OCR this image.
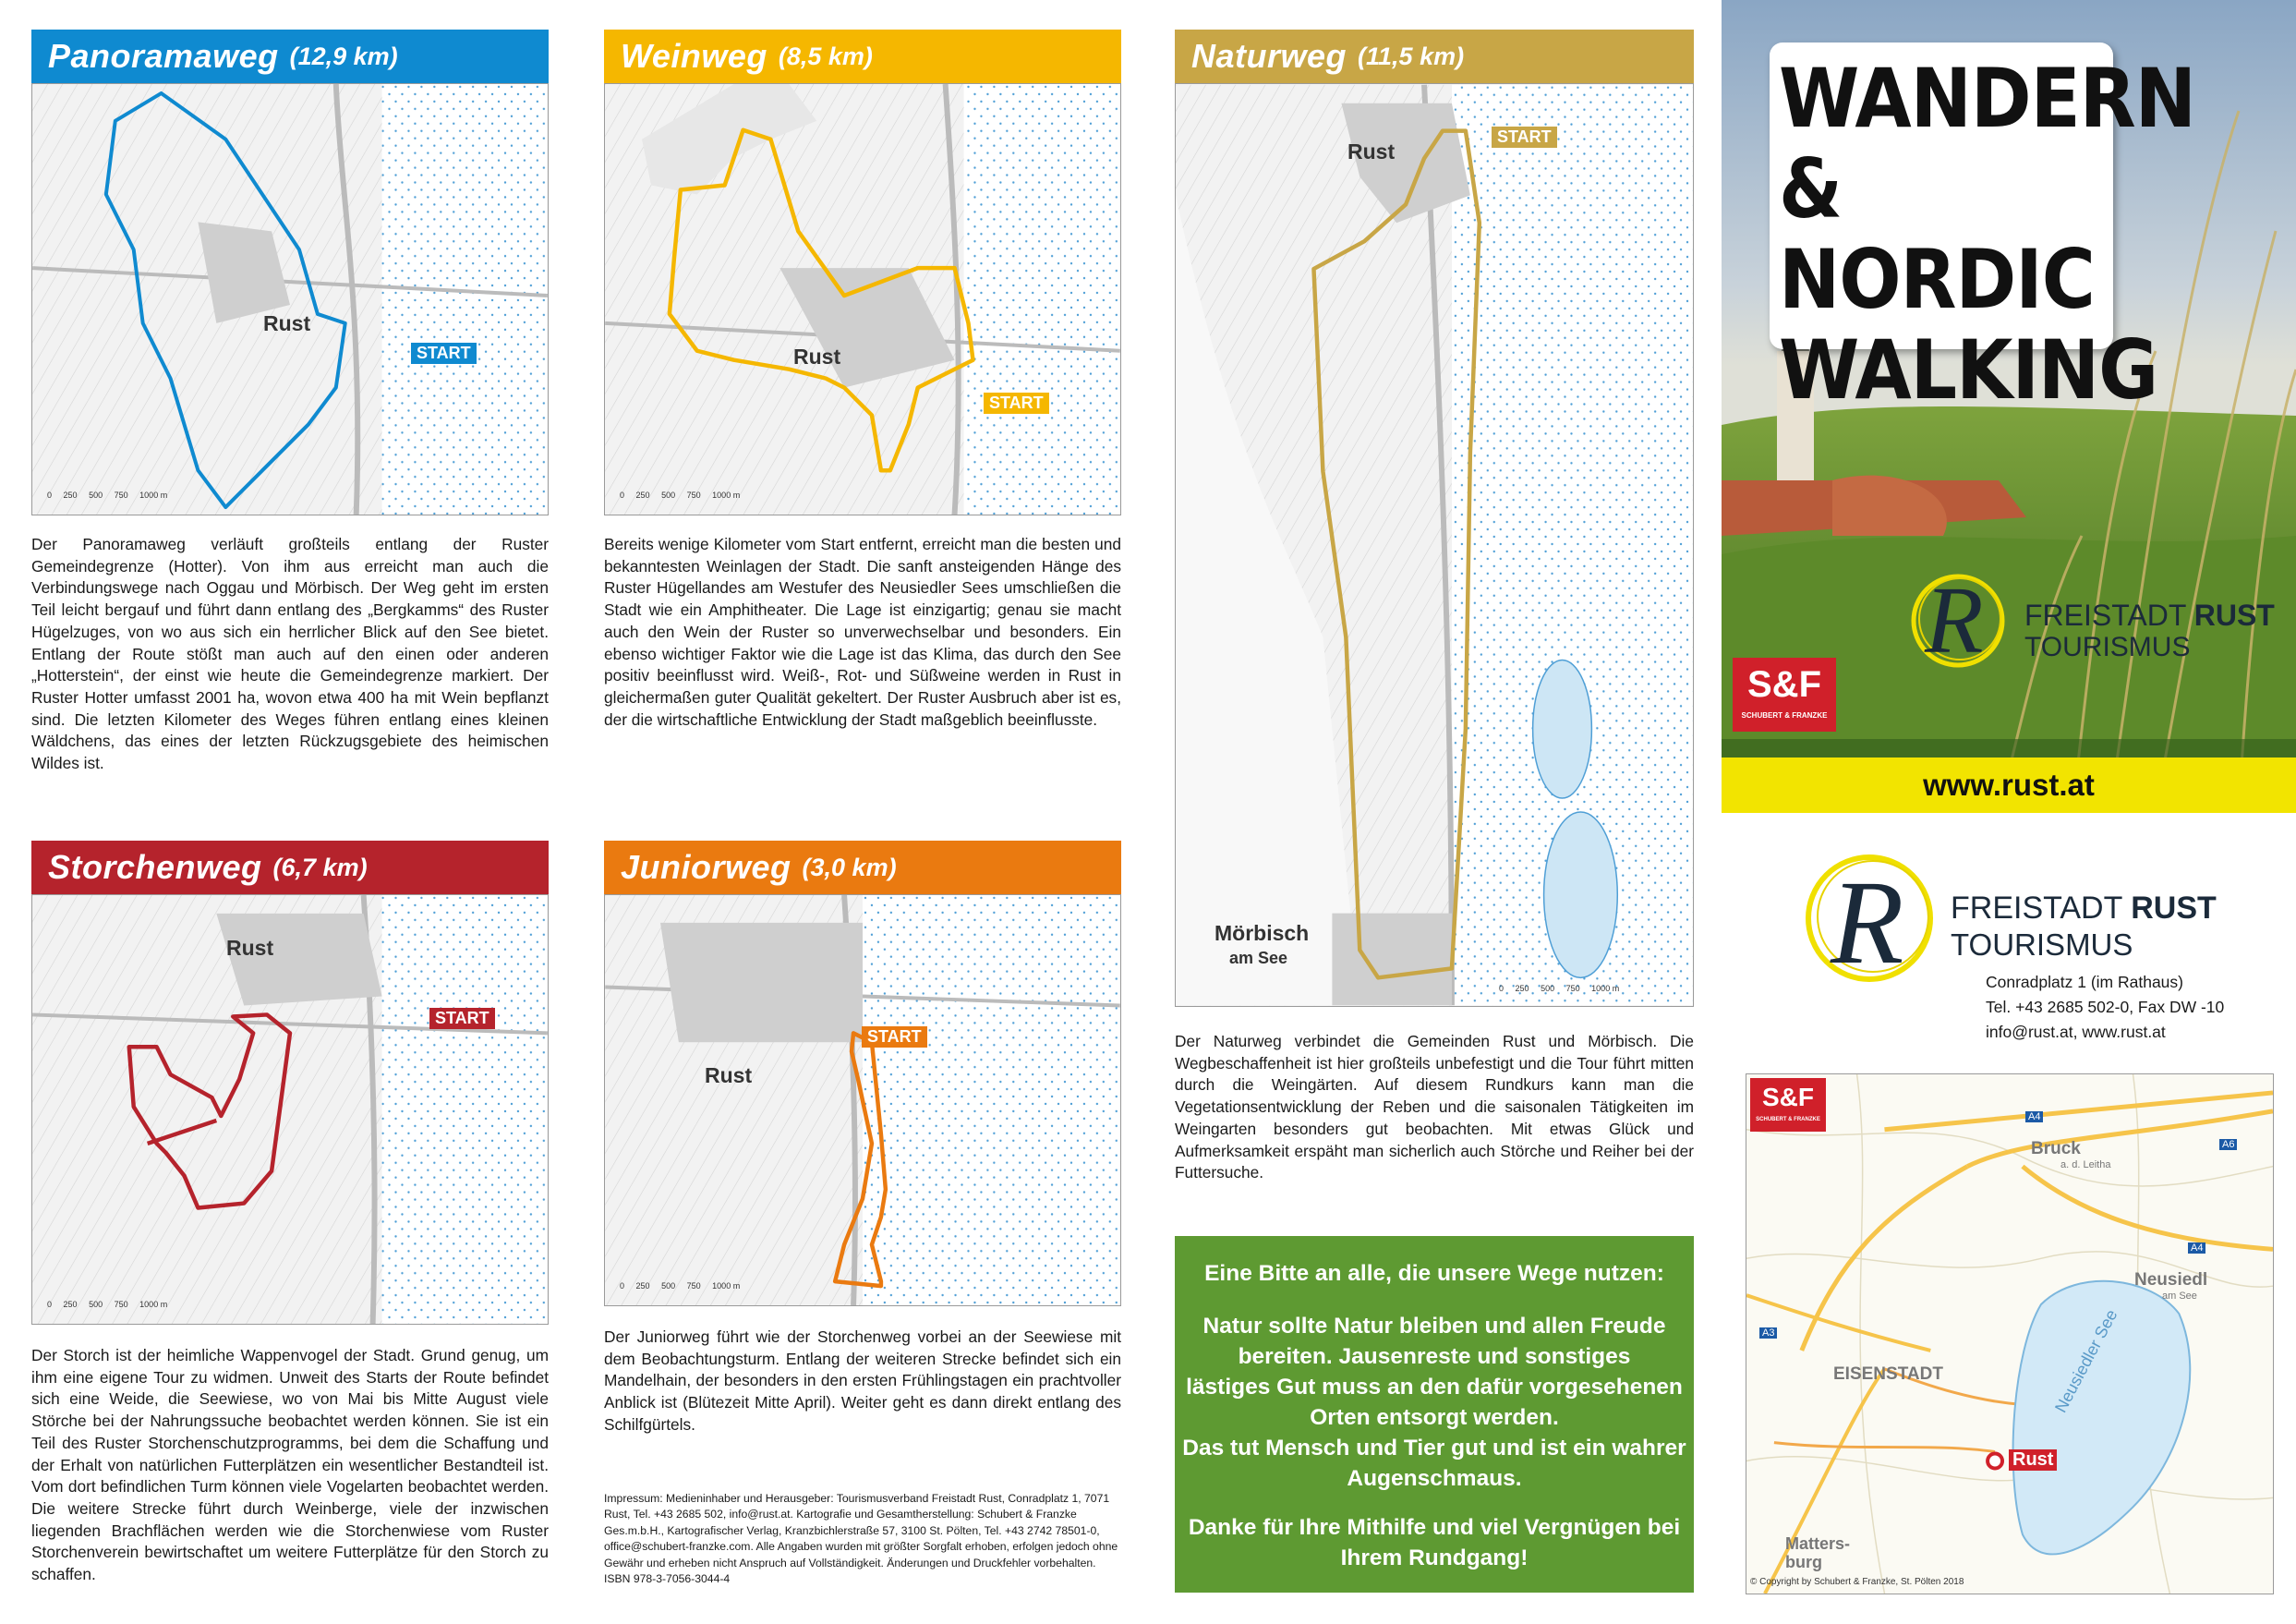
Panoramaweg (12,9 km)
Rust
START
0 250 500 750 1000 m
Der Panoramaweg verläuft großteils entlang der Ruster Gemeindegrenze (Hotter). Von ihm aus erreicht man auch die Verbindungswege nach Oggau und Mörbisch. Der Weg geht im ersten Teil leicht bergauf und führt dann entlang des „Bergkamms“ des Ruster Hügelzuges, von wo aus sich ein herrlicher Blick auf den See bietet. Entlang der Route stößt man auch auf den einen oder anderen „Hotterstein“, der einst wie heute die Gemeindegrenze markiert. Der Ruster Hotter umfasst 2001 ha, wovon etwa 400 ha mit Wein bepflanzt sind. Die letzten Kilometer des Weges führen entlang eines kleinen Wäldchens, das eines der letzten Rückzugsgebiete des heimischen Wildes ist.
Weinweg (8,5 km)
Rust
START
0 250 500 750 1000 m
Bereits wenige Kilometer vom Start entfernt, erreicht man die besten und bekanntesten Weinlagen der Stadt. Die sanft ansteigenden Hänge des Ruster Hügellandes am Westufer des Neusiedler Sees umschließen die Stadt wie ein Amphitheater. Die Lage ist einzigartig; genau sie macht auch den Wein der Ruster so unverwechselbar und besonders. Ein ebenso wichtiger Faktor wie die Lage ist das Klima, das durch den See positiv beeinflusst wird. Weiß-, Rot- und Süßweine werden in Rust in gleichermaßen guter Qualität gekeltert. Der Ruster Ausbruch aber ist es, der die wirtschaftliche Entwicklung der Stadt maßgeblich beeinflusste.
Naturweg (11,5 km)
Rust
START
Mörbisch
am See
0 250 500 750 1000 m
Der Naturweg verbindet die Gemeinden Rust und Mörbisch. Die Wegbeschaffenheit ist hier großteils unbefestigt und die Tour führt mitten durch die Weingärten. Auf diesem Rundkurs kann man die Vegetationsentwicklung der Reben und die saisonalen Tätigkeiten im Weingarten besonders gut beobachten. Mit etwas Glück und Aufmerksamkeit erspäht man sicherlich auch Störche und Reiher bei der Futtersuche.
Storchenweg (6,7 km)
Rust
START
0 250 500 750 1000 m
Der Storch ist der heimliche Wappenvogel der Stadt. Grund genug, um ihm eine eigene Tour zu widmen. Unweit des Starts der Route befindet sich eine Weide, die Seewiese, wo von Mai bis Mitte August viele Störche bei der Nahrungssuche beobachtet werden können. Sie ist ein Teil des Ruster Storchenschutzprogramms, bei dem die Schaffung und der Erhalt von natürlichen Futterplätzen ein wesentlicher Bestandteil ist. Vom dort befindlichen Turm können viele Vogelarten beobachtet werden. Die weitere Strecke führt durch Weinberge, viele der inzwischen liegenden Brachflächen werden wie die Storchenwiese vom Ruster Storchenverein bewirtschaftet um weitere Futterplätze für den Storch zu schaffen.
Juniorweg (3,0 km)
Rust
START
0 250 500 750 1000 m
Der Juniorweg führt wie der Storchenweg vorbei an der Seewiese mit dem Beobachtungsturm. Entlang der weiteren Strecke befindet sich ein Mandelhain, der besonders in den ersten Frühlingstagen ein prachtvoller Anblick ist (Blütezeit Mitte April). Weiter geht es dann direkt entlang des Schilfgürtels.
Impressum: Medieninhaber und Herausgeber: Tourismusverband Freistadt Rust, Conradplatz 1, 7071 Rust, Tel. +43 2685 502, info@rust.at. Kartografie und Gesamtherstellung: Schubert & Franzke Ges.m.b.H., Kartografischer Verlag, Kranzbichlerstraße 57, 3100 St. Pölten, Tel. +43 2742 78501-0, office@schubert-franzke.com. Alle Angaben wurden mit größter Sorgfalt erhoben, erfolgen jedoch ohne Gewähr und erheben nicht Anspruch auf Vollständigkeit. Änderungen und Druckfehler vorbehalten. ISBN 978-3-7056-3044-4
WANDERN
& NORDIC
WALKING
R FREISTADT RUST
TOURISMUS
S&F
SCHUBERT & FRANZKE
www.rust.at
R FREISTADT RUST
TOURISMUS
Conradplatz 1 (im Rathaus)
Tel. +43 2685 502-0, Fax DW -10
info@rust.at, www.rust.at

Eine Bitte an alle, die unsere Wege nutzen:

Natur sollte Natur bleiben und allen Freude

bereiten. Jausenreste und sonstiges

lästiges Gut muss an den dafür vorgesehenen

Orten entsorgt werden.

Das tut Mensch und Tier gut und ist ein wahrer

Augenschmaus.

Danke für Ihre Mithilfe und viel Vergnügen bei

Ihrem Rundgang!

S&F
SCHUBERT & FRANZKE
Bruck
a. d. Leitha
Neusiedl
am See
EISENSTADT
Rust
Matters-
burg
Neusiedler See
A4
A6
A4
A3
© Copyright by Schubert & Franzke, St. Pölten 2018
